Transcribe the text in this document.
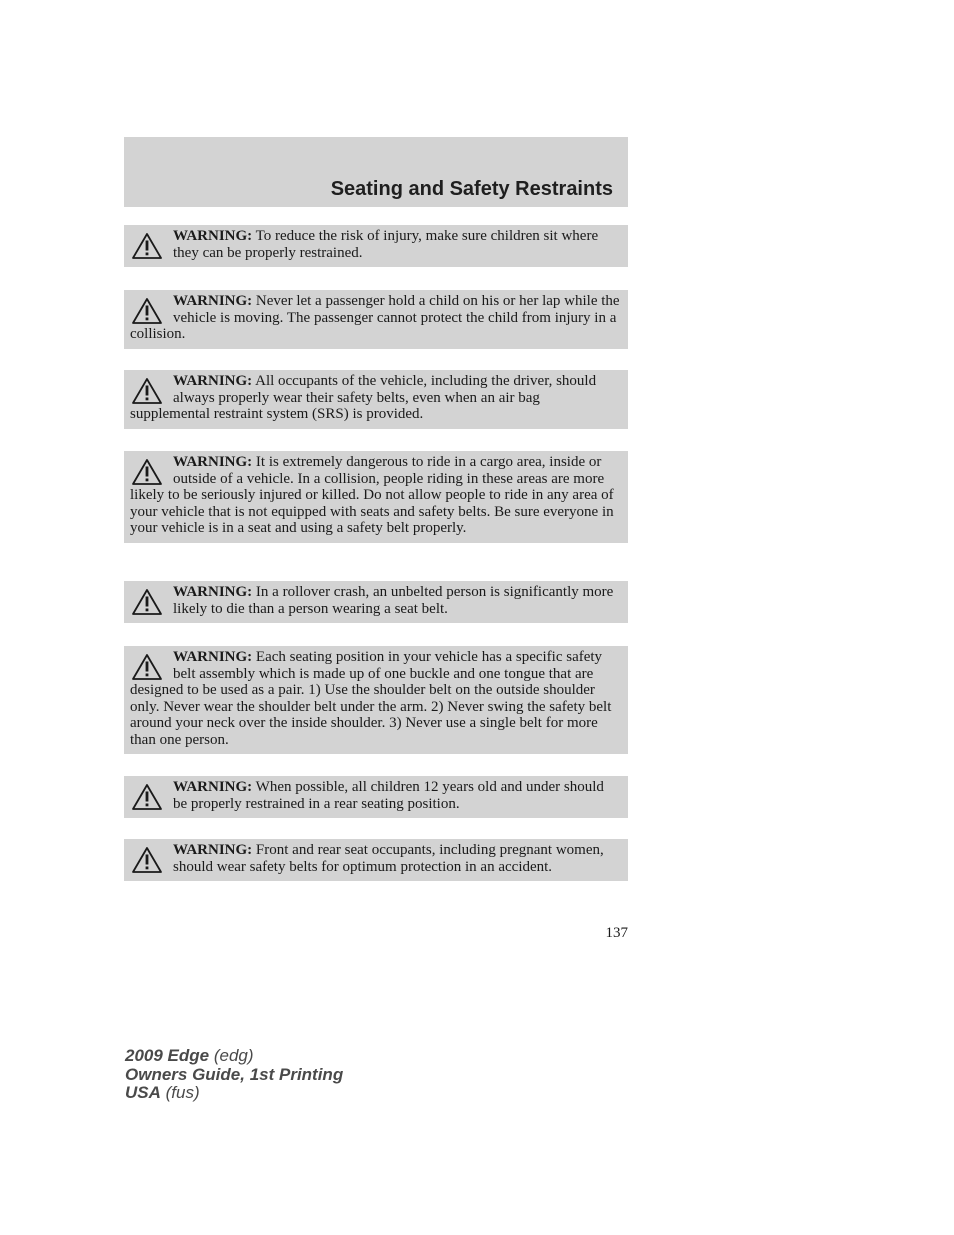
Seating and Safety Restraints
WARNING: To reduce the risk of injury, make sure children sit where they can be properly restrained.
WARNING: Never let a passenger hold a child on his or her lap while the vehicle is moving. The passenger cannot protect the child from injury in a collision.
WARNING: All occupants of the vehicle, including the driver, should always properly wear their safety belts, even when an air bag supplemental restraint system (SRS) is provided.
WARNING: It is extremely dangerous to ride in a cargo area, inside or outside of a vehicle. In a collision, people riding in these areas are more likely to be seriously injured or killed. Do not allow people to ride in any area of your vehicle that is not equipped with seats and safety belts. Be sure everyone in your vehicle is in a seat and using a safety belt properly.
WARNING: In a rollover crash, an unbelted person is significantly more likely to die than a person wearing a seat belt.
WARNING: Each seating position in your vehicle has a specific safety belt assembly which is made up of one buckle and one tongue that are designed to be used as a pair. 1) Use the shoulder belt on the outside shoulder only. Never wear the shoulder belt under the arm. 2) Never swing the safety belt around your neck over the inside shoulder. 3) Never use a single belt for more than one person.
WARNING: When possible, all children 12 years old and under should be properly restrained in a rear seating position.
WARNING: Front and rear seat occupants, including pregnant women, should wear safety belts for optimum protection in an accident.
137
2009 Edge (edg)
Owners Guide, 1st Printing
USA (fus)
